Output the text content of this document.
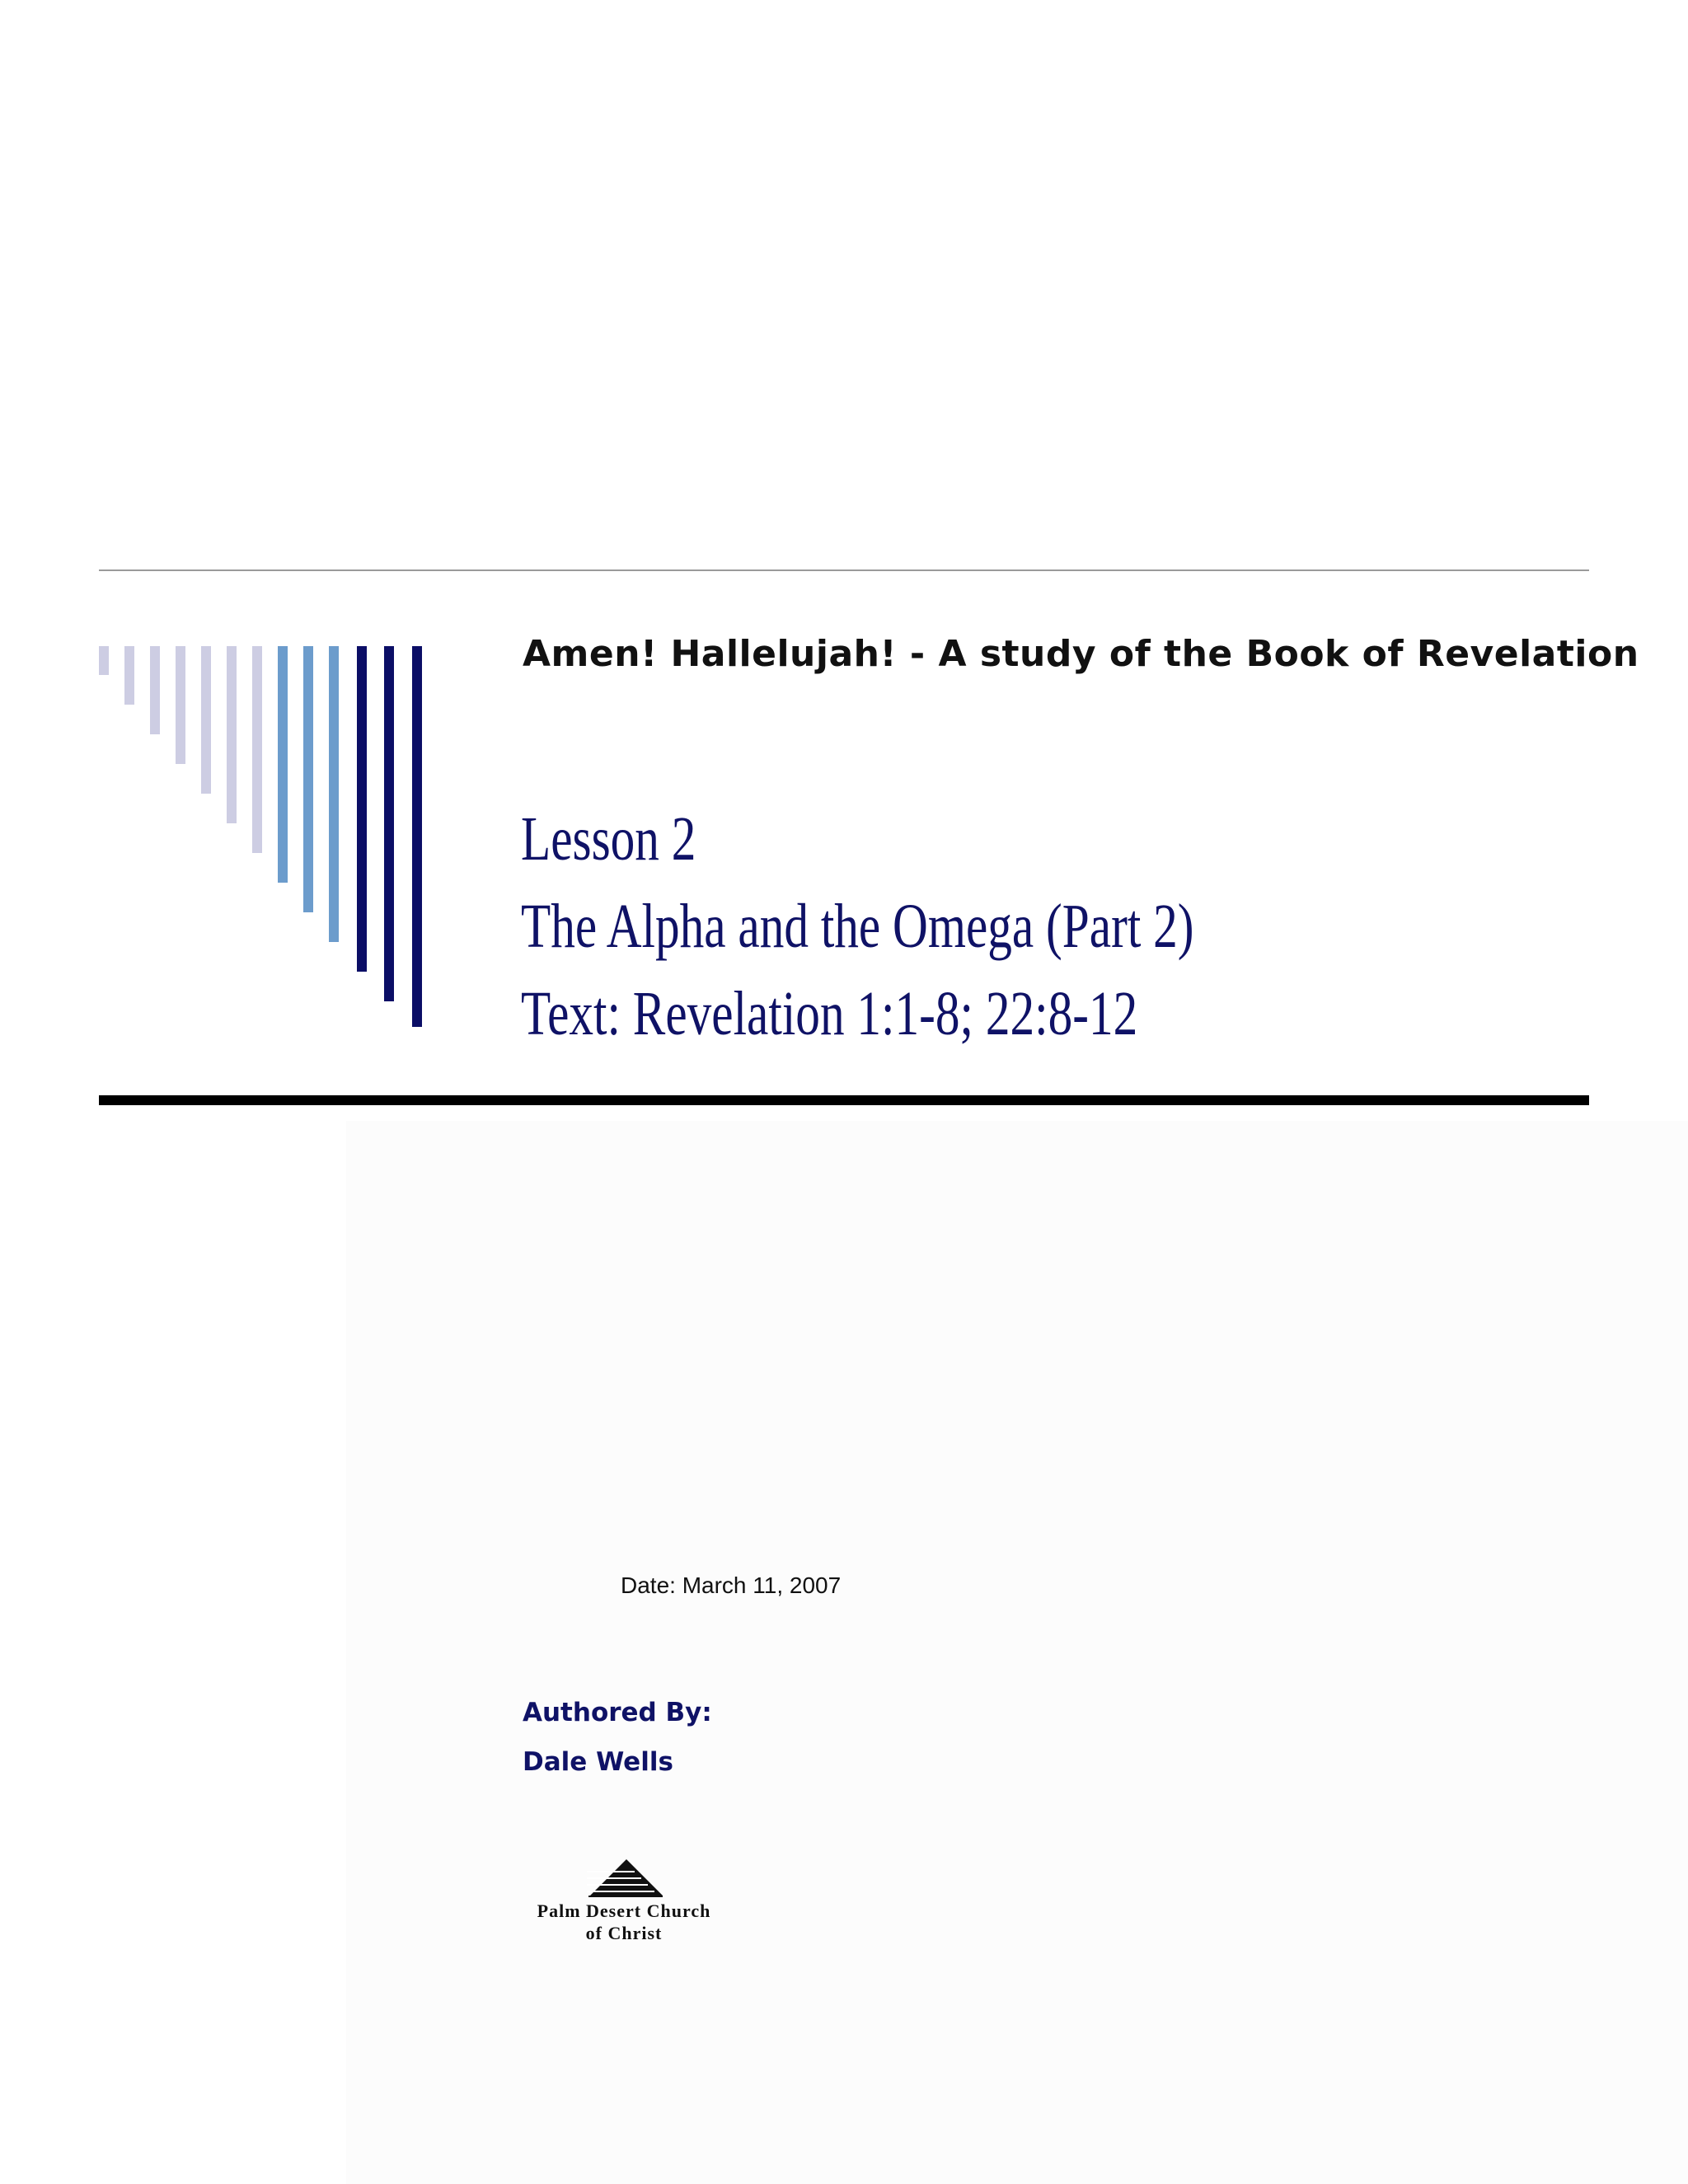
Amen! Hallelujah! - A study of the Book of Revelation
Lesson 2
The Alpha and the Omega (Part 2)
Text: Revelation 1:1-8; 22:8-12
Date: March 11, 2007
Authored By:
Dale Wells
Palm Desert Church
of Christ
